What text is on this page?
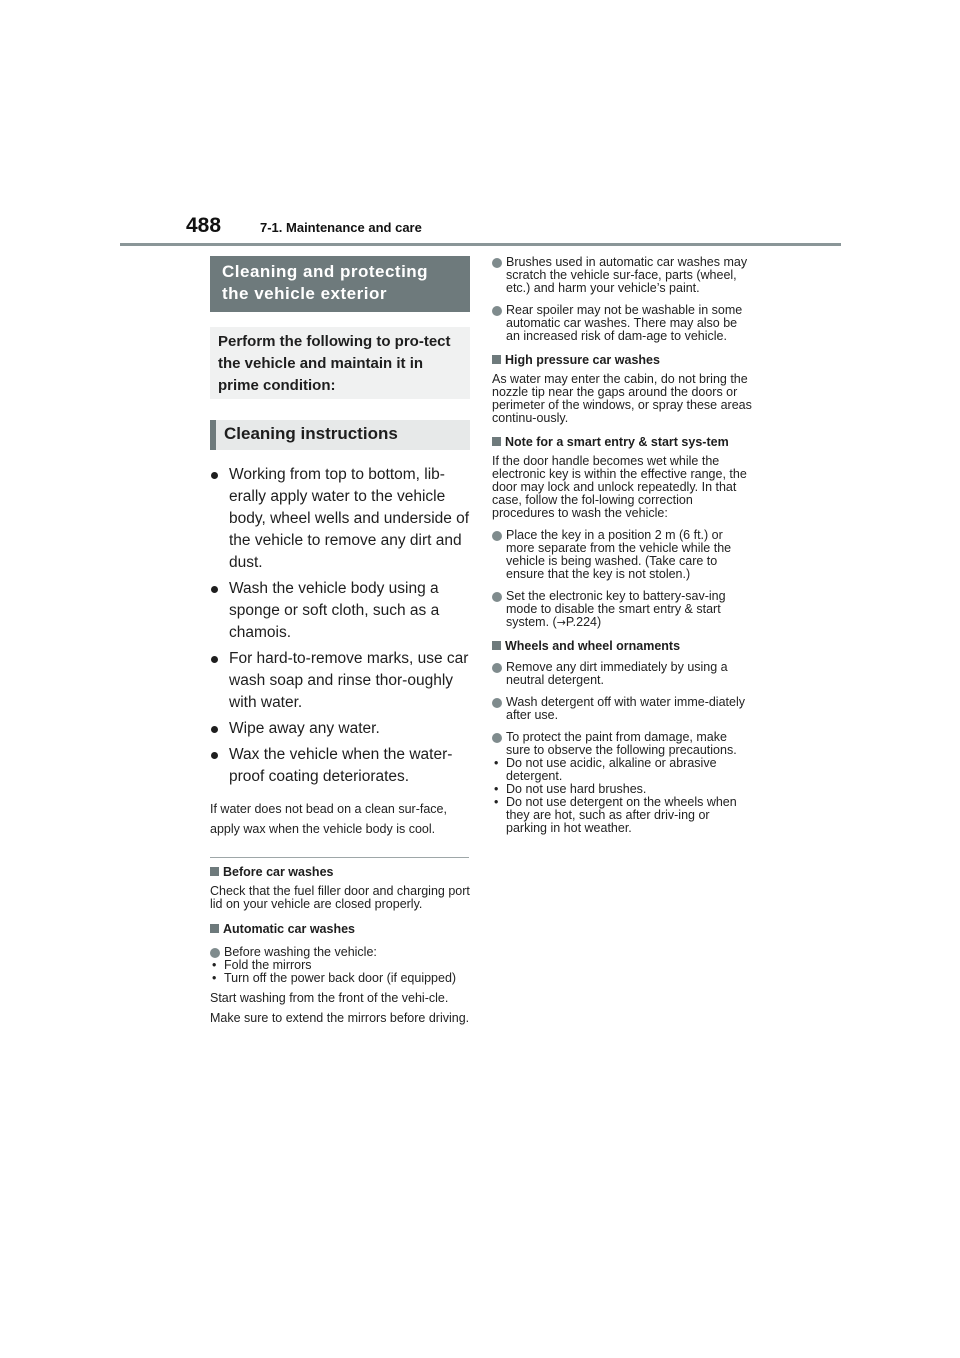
488	7-1. Maintenance and care
Cleaning and protecting the vehicle exterior
Perform the following to pro-tect the vehicle and maintain it in prime condition:
Cleaning instructions
Working from top to bottom, lib-erally apply water to the vehicle body, wheel wells and underside of the vehicle to remove any dirt and dust.
Wash the vehicle body using a sponge or soft cloth, such as a chamois.
For hard-to-remove marks, use car wash soap and rinse thor-oughly with water.
Wipe away any water.
Wax the vehicle when the water-proof coating deteriorates.
If water does not bead on a clean sur-face, apply wax when the vehicle body is cool.
Before car washes
Check that the fuel filler door and charging port lid on your vehicle are closed properly.
Automatic car washes
Before washing the vehicle:
• Fold the mirrors
• Turn off the power back door (if equipped)
Start washing from the front of the vehi-cle. Make sure to extend the mirrors before driving.
Brushes used in automatic car washes may scratch the vehicle sur-face, parts (wheel, etc.) and harm your vehicle’s paint.
Rear spoiler may not be washable in some automatic car washes. There may also be an increased risk of dam-age to vehicle.
High pressure car washes
As water may enter the cabin, do not bring the nozzle tip near the gaps around the doors or perimeter of the windows, or spray these areas continu-ously.
Note for a smart entry & start sys-tem
If the door handle becomes wet while the electronic key is within the effective range, the door may lock and unlock repeatedly. In that case, follow the fol-lowing correction procedures to wash the vehicle:
Place the key in a position 2 m (6 ft.) or more separate from the vehicle while the vehicle is being washed. (Take care to ensure that the key is not stolen.)
Set the electronic key to battery-sav-ing mode to disable the smart entry & start system. (→P.224)
Wheels and wheel ornaments
Remove any dirt immediately by using a neutral detergent.
Wash detergent off with water imme-diately after use.
To protect the paint from damage, make sure to observe the following precautions.
• Do not use acidic, alkaline or abrasive detergent.
• Do not use hard brushes.
• Do not use detergent on the wheels when they are hot, such as after driv-ing or parking in hot weather.
